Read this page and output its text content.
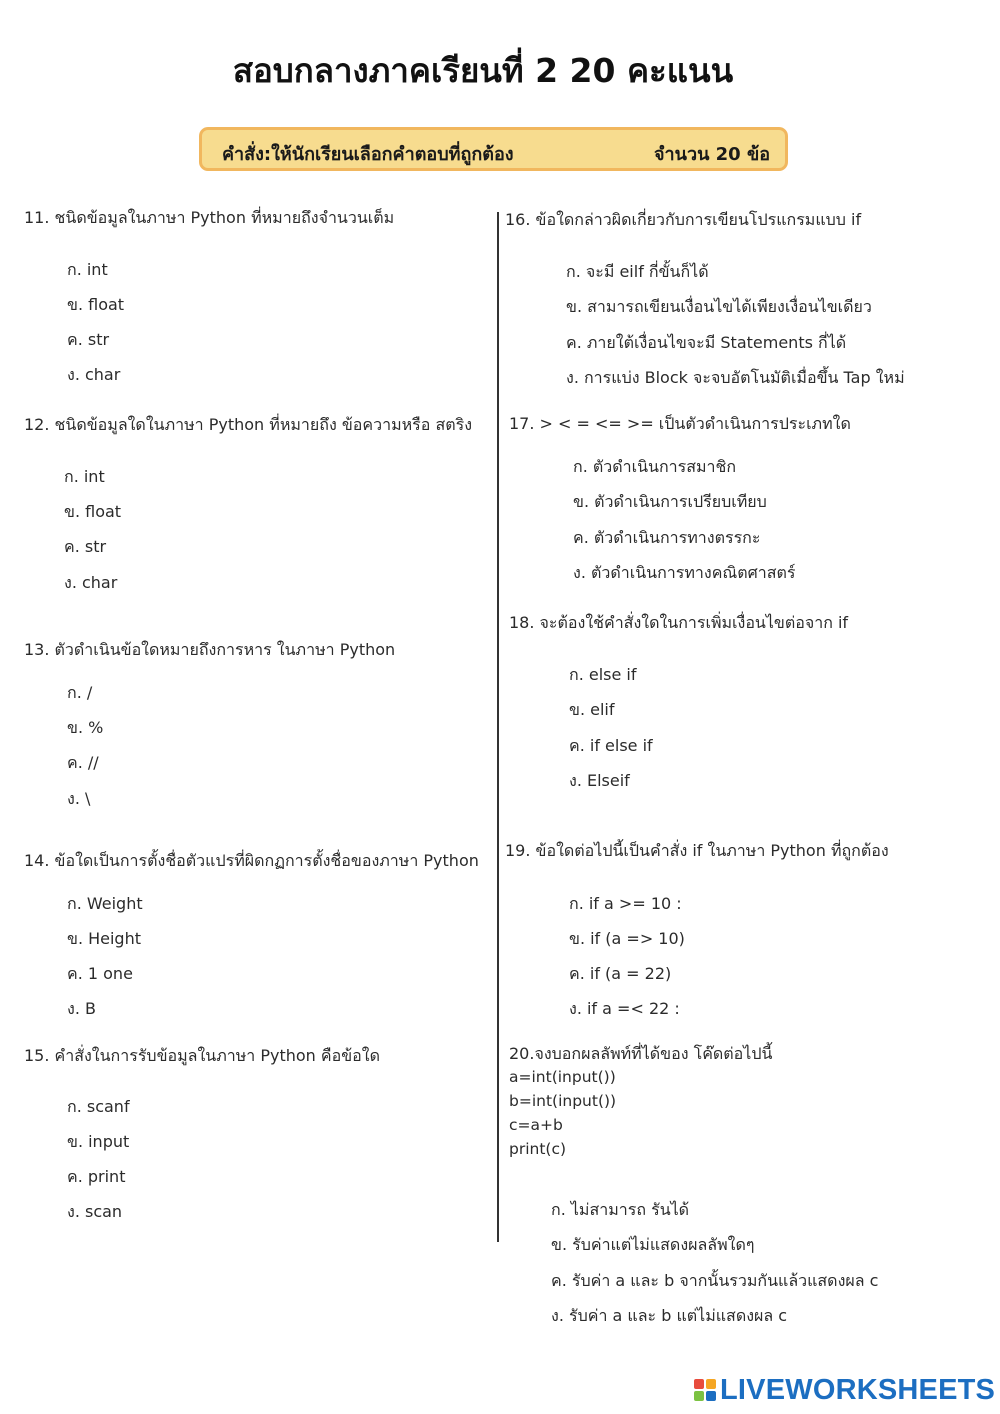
สอบกลางภาคเรียนที่ 2 20 คะแนน
คำสั่ง:ให้นักเรียนเลือกคำตอบที่ถูกต้อง	จำนวน 20 ข้อ
11. ชนิดข้อมูลในภาษา Python ที่หมายถึงจำนวนเต็ม
ก. int
ข. float
ค. str
ง. char
12. ชนิดข้อมูลใดในภาษา Python ที่หมายถึง ข้อความหรือ สตริง
ก. int
ข. float
ค. str
ง. char
13. ตัวดำเนินข้อใดหมายถึงการหาร ในภาษา Python
ก. /
ข. %
ค. //
ง. \
14. ข้อใดเป็นการตั้งชื่อตัวแปรที่ผิดกฏการตั้งชื่อของภาษา Python
ก. Weight
ข. Height
ค. 1 one
ง. B
15. คำสั่งในการรับข้อมูลในภาษา Python คือข้อใด
ก. scanf
ข. input
ค. print
ง. scan
16. ข้อใดกล่าวผิดเกี่ยวกับการเขียนโปรแกรมแบบ if
ก. จะมี eilf กี่ขั้นก็ได้
ข. สามารถเขียนเงื่อนไขได้เพียงเงื่อนไขเดียว
ค. ภายใต้เงื่อนไขจะมี Statements กี่ได้
ง. การแบ่ง Block จะจบอัตโนมัติเมื่อขึ้น Tap ใหม่
17. > < = <= >= เป็นตัวดำเนินการประเภทใด
ก. ตัวดำเนินการสมาชิก
ข. ตัวดำเนินการเปรียบเทียบ
ค. ตัวดำเนินการทางตรรกะ
ง. ตัวดำเนินการทางคณิตศาสตร์
18. จะต้องใช้คำสั่งใดในการเพิ่มเงื่อนไขต่อจาก if
ก. else if
ข. elif
ค. if else if
ง. Elseif
19. ข้อใดต่อไปนี้เป็นคำสั่ง if ในภาษา Python ที่ถูกต้อง
ก. if a >= 10 :
ข. if (a => 10)
ค. if (a = 22)
ง. if a =< 22 :
20.จงบอกผลลัพท์ที่ได้ของ โค๊ดต่อไปนี้
a=int(input())
b=int(input())
c=a+b
print(c)
ก. ไม่สามารถ รันได้
ข. รับค่าแต่ไม่แสดงผลลัพใดๆ
ค. รับค่า a และ b จากนั้นรวมกันแล้วแสดงผล c
ง. รับค่า a และ b แต่ไม่แสดงผล c
LIVEWORKSHEETS
